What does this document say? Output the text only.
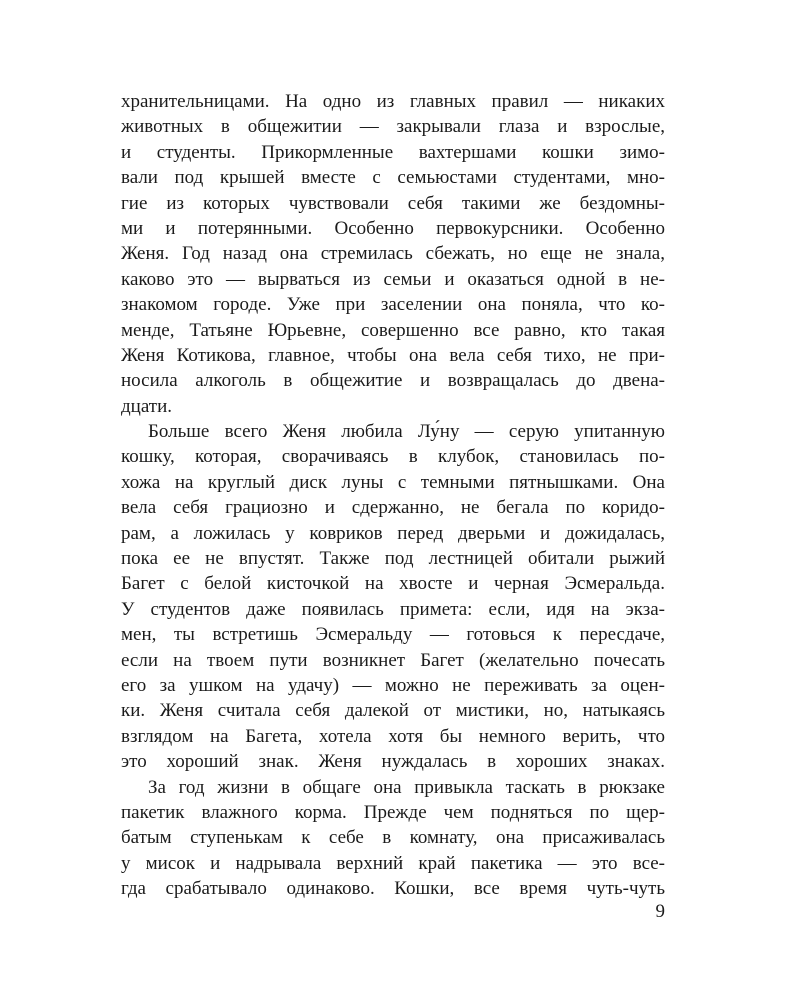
хранительницами. На одно из главных правил — никаких
животных в общежитии — закрывали глаза и взрослые,
и студенты. Прикормленные вахтершами кошки зимо-
вали под крышей вместе с семьюстами студентами, мно-
гие из которых чувствовали себя такими же бездомны-
ми и потерянными. Особенно первокурсники. Особенно
Женя. Год назад она стремилась сбежать, но еще не знала,
каково это — вырваться из семьи и оказаться одной в не-
знакомом городе. Уже при заселении она поняла, что ко-
менде, Татьяне Юрьевне, совершенно все равно, кто такая
Женя Котикова, главное, чтобы она вела себя тихо, не при-
носила алкоголь в общежитие и возвращалась до двена-
дцати.
Больше всего Женя любила Лу́ну — серую упитанную
кошку, которая, сворачиваясь в клубок, становилась по-
хожа на круглый диск луны с темными пятнышками. Она
вела себя грациозно и сдержанно, не бегала по коридо-
рам, а ложилась у ковриков перед дверьми и дожидалась,
пока ее не впустят. Также под лестницей обитали рыжий
Багет с белой кисточкой на хвосте и черная Эсмеральда.
У студентов даже появилась примета: если, идя на экза-
мен, ты встретишь Эсмеральду — готовься к пересдаче,
если на твоем пути возникнет Багет (желательно почесать
его за ушком на удачу) — можно не переживать за оцен-
ки. Женя считала себя далекой от мистики, но, натыкаясь
взглядом на Багета, хотела хотя бы немного верить, что
это хороший знак. Женя нуждалась в хороших знаках.
За год жизни в общаге она привыкла таскать в рюкзаке
пакетик влажного корма. Прежде чем подняться по щер-
батым ступенькам к себе в комнату, она присаживалась
у мисок и надрывала верхний край пакетика — это все-
гда срабатывало одинаково. Кошки, все время чуть-чуть
9
